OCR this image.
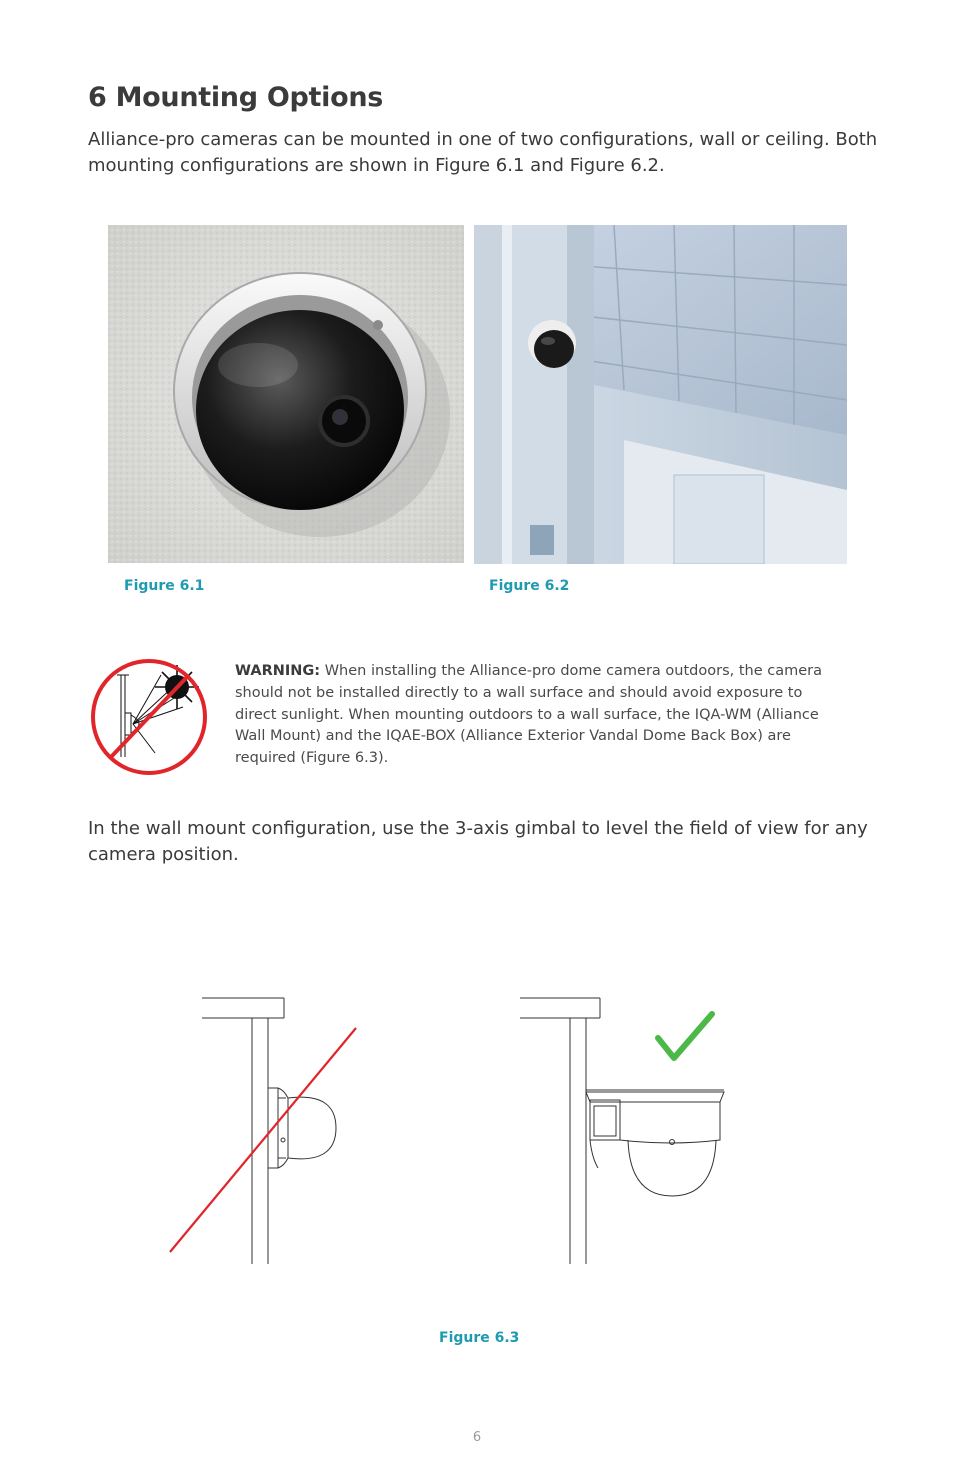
6 Mounting Options
Alliance-pro cameras can be mounted in one of two configurations, wall or ceiling. Both mounting configurations are shown in Figure 6.1 and Figure 6.2.
Figure 6.1	Figure 6.2
WARNING: When installing the Alliance-pro dome camera outdoors, the camera should not be installed directly to a wall surface and should avoid exposure to direct sunlight. When mounting outdoors to a wall surface, the IQA-WM (Alliance Wall Mount) and the IQAE-BOX (Alliance Exterior Vandal Dome Back Box) are required (Figure 6.3).
In the wall mount configuration, use the 3-axis gimbal to level the field of view for any camera position.
Figure 6.3
6
